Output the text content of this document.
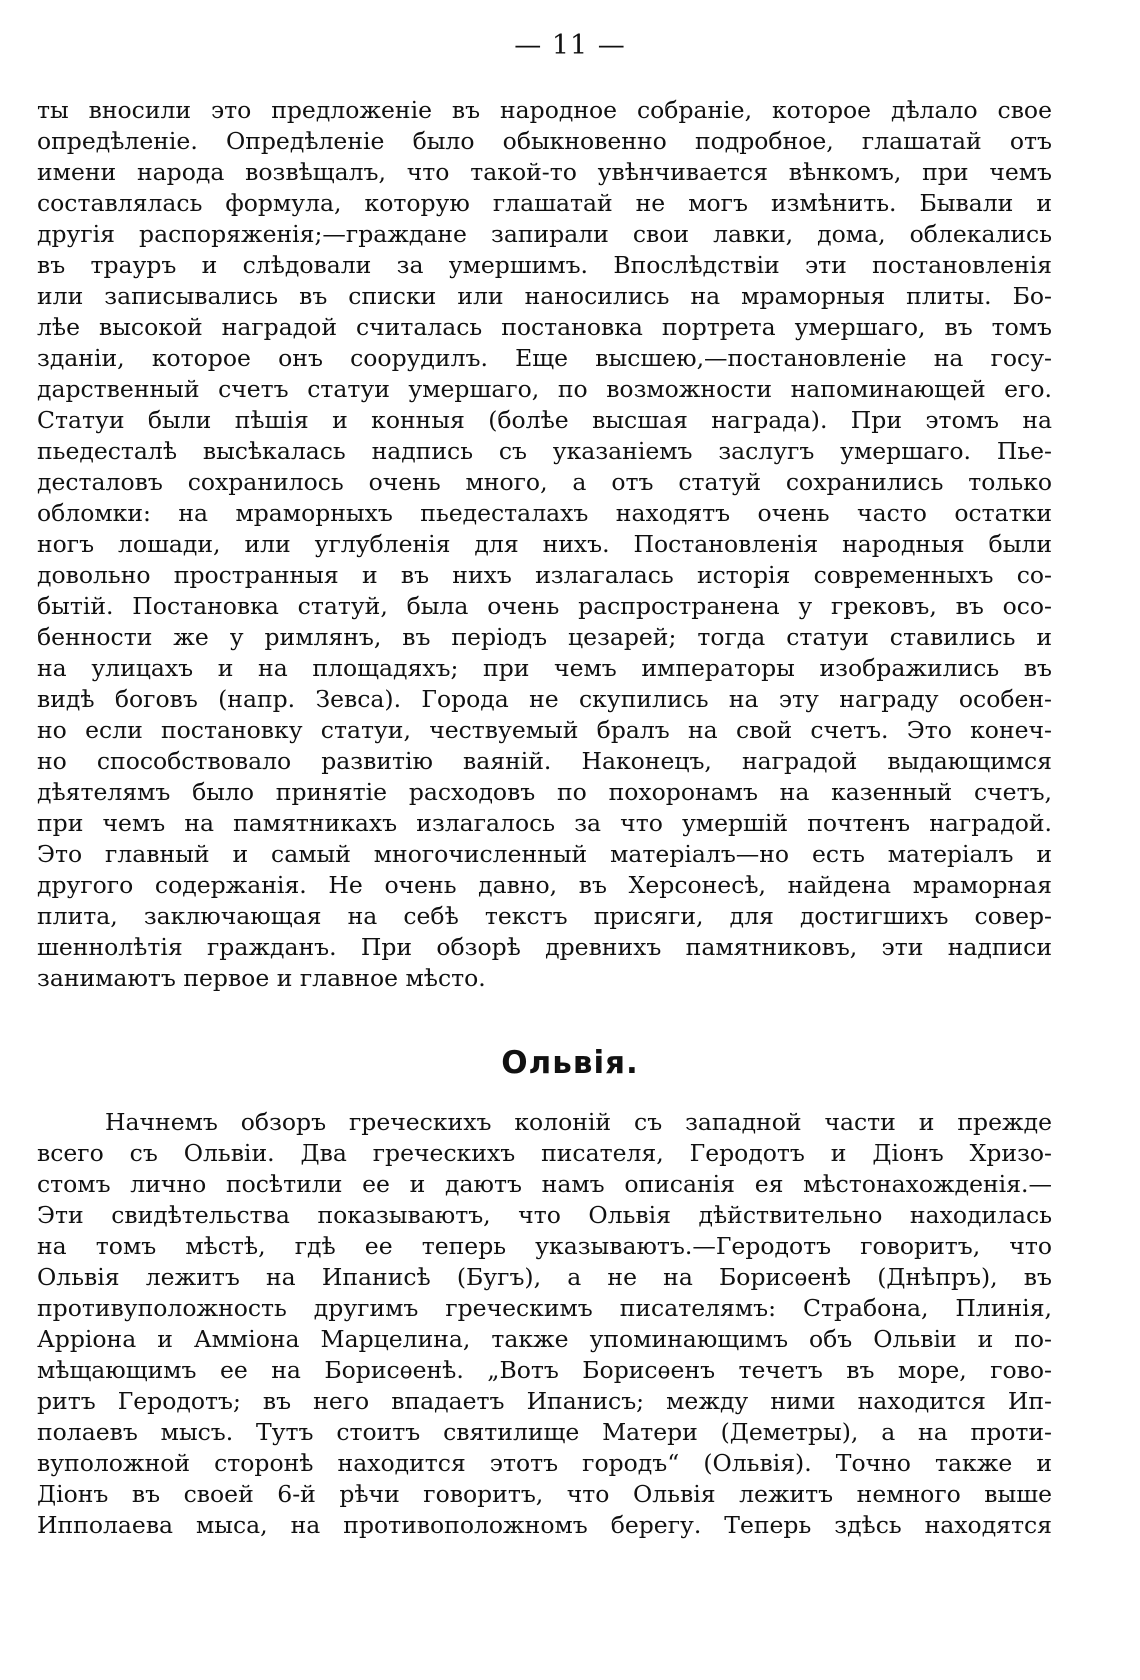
— 11 —
ты вносили это предложеніе въ народное собраніе, которое дѣлало свое
опредѣленіе. Опредѣленіе было обыкновенно подробное, глашатай отъ
имени народа возвѣщалъ, что такой-то увѣнчивается вѣнкомъ, при чемъ
составлялась формула, которую глашатай не могъ измѣнить. Бывали и
другія распоряженія;—граждане запирали свои лавки, дома, облекались
въ трауръ и слѣдовали за умершимъ. Впослѣдствіи эти постановленія
или записывались въ списки или наносились на мраморныя плиты. Бо-
лѣе высокой наградой считалась постановка портрета умершаго, въ томъ
зданіи, которое онъ соорудилъ. Еще высшею,—постановленіе на госу-
дарственный счетъ статуи умершаго, по возможности напоминающей его.
Статуи были пѣшія и конныя (болѣе высшая награда). При этомъ на
пьедесталѣ высѣкалась надпись съ указаніемъ заслугъ умершаго. Пье-
десталовъ сохранилось очень много, а отъ статуй сохранились только
обломки: на мраморныхъ пьедесталахъ находятъ очень часто остатки
ногъ лошади, или углубленія для нихъ. Постановленія народныя были
довольно пространныя и въ нихъ излагалась исторія современныхъ со-
бытій. Постановка статуй, была очень распространена у грековъ, въ осо-
бенности же у римлянъ, въ періодъ цезарей; тогда статуи ставились и
на улицахъ и на площадяхъ; при чемъ императоры изображились въ
видѣ боговъ (напр. Зевса). Города не скупились на эту награду особен-
но если постановку статуи, чествуемый бралъ на свой счетъ. Это конеч-
но способствовало развитію ваяній. Наконецъ, наградой выдающимся
дѣятелямъ было принятіе расходовъ по похоронамъ на казенный счетъ,
при чемъ на памятникахъ излагалось за что умершій почтенъ наградой.
Это главный и самый многочисленный матеріалъ—но есть матеріалъ и
другого содержанія. Не очень давно, въ Херсонесѣ, найдена мраморная
плита, заключающая на себѣ текстъ присяги, для достигшихъ совер-
шеннолѣтія гражданъ. При обзорѣ древнихъ памятниковъ, эти надписи
занимаютъ первое и главное мѣсто.
Ольвія.
Начнемъ обзоръ греческихъ колоній съ западной части и прежде
всего съ Ольвіи. Два греческихъ писателя, Геродотъ и Діонъ Хризо-
стомъ лично посѣтили ее и даютъ намъ описанія ея мѣстонахожденія.—
Эти свидѣтельства показываютъ, что Ольвія дѣйствительно находилась
на томъ мѣстѣ, гдѣ ее теперь указываютъ.—Геродотъ говоритъ, что
Ольвія лежитъ на Ипанисѣ (Бугъ), а не на Борисѳенѣ (Днѣпръ), въ
противуположность другимъ греческимъ писателямъ: Страбона, Плинія,
Арріона и Амміона Марцелина, также упоминающимъ объ Ольвіи и по-
мѣщающимъ ее на Борисѳенѣ. „Вотъ Борисѳенъ течетъ въ море, гово-
ритъ Геродотъ; въ него впадаетъ Ипанисъ; между ними находится Ип-
полаевъ мысъ. Тутъ стоитъ святилище Матери (Деметры), а на проти-
вуположной сторонѣ находится этотъ городъ“ (Ольвія). Точно также и
Діонъ въ своей 6-й рѣчи говоритъ, что Ольвія лежитъ немного выше
Ипполаева мыса, на противоположномъ берегу. Теперь здѣсь находятся
